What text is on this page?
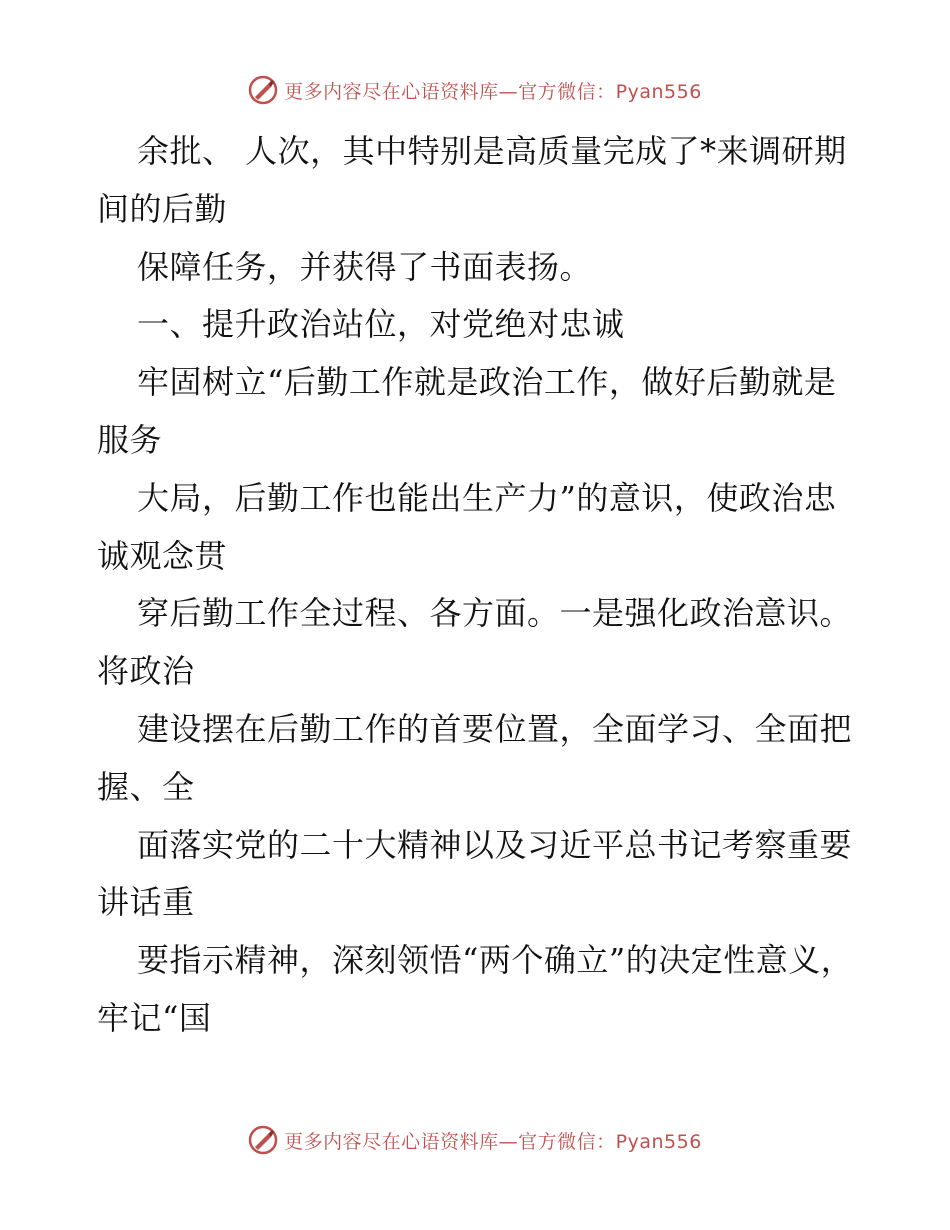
更多内容尽在心语资料库—官方微信：Pyan556

余批、 人次，其中特别是高质量完成了*来调研期间的后勤

保障任务，并获得了书面表扬。

一、提升政治站位，对党绝对忠诚

牢固树立“后勤工作就是政治工作，做好后勤就是服务

大局，后勤工作也能出生产力”的意识，使政治忠诚观念贯

穿后勤工作全过程、各方面。一是强化政治意识。将政治

建设摆在后勤工作的首要位置，全面学习、全面把握、全

面落实党的二十大精神以及习近平总书记考察重要讲话重

要指示精神，深刻领悟“两个确立”的决定性意义，牢记“国

更多内容尽在心语资料库—官方微信：Pyan556
